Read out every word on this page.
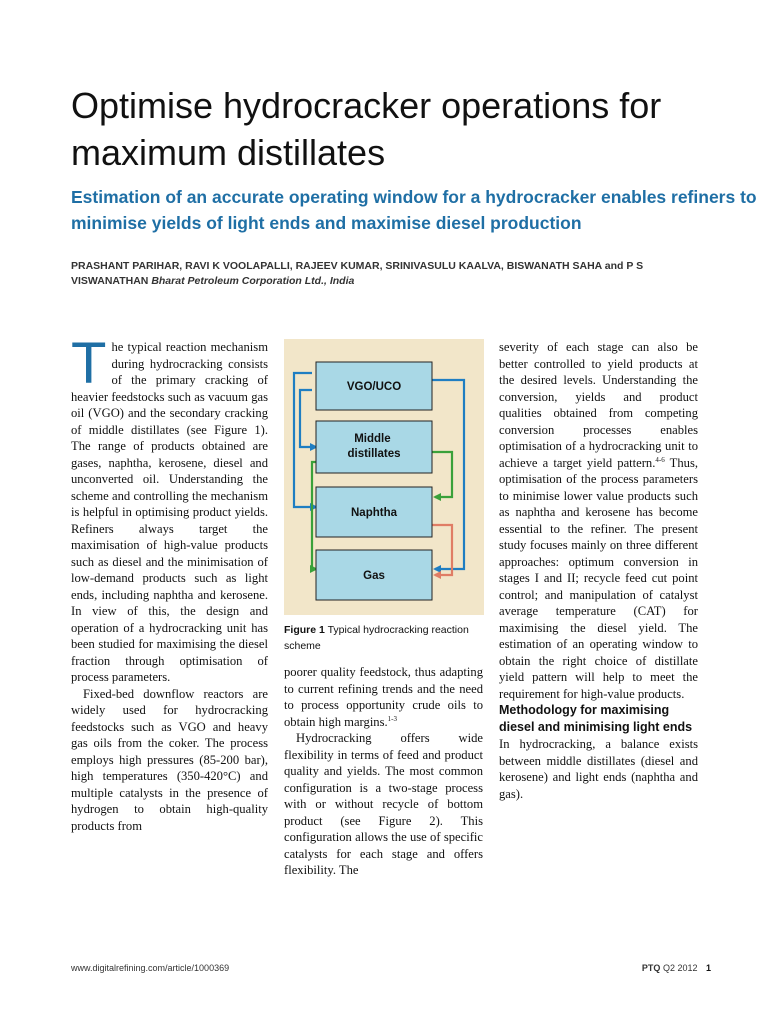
Optimise hydrocracker operations for maximum distillates
Estimation of an accurate operating window for a hydrocracker enables refiners to minimise yields of light ends and maximise diesel production
PRASHANT PARIHAR, RAVI K VOOLAPALLI, RAJEEV KUMAR, SRINIVASULU KAALVA, BISWANATH SAHA and P S VISWANATHAN Bharat Petroleum Corporation Ltd., India

The typical reaction mechanism during hydrocracking consists of the primary cracking of heavier feedstocks such as vacuum gas oil (VGO) and the secondary cracking of middle distillates (see Figure 1). The range of products obtained are gases, naphtha, kerosene, diesel and unconverted oil. Understanding the scheme and controlling the mechanism is helpful in optimising product yields. Refiners always target the maximisation of high-value products such as diesel and the minimisation of low-demand products such as light ends, including naphtha and kerosene. In view of this, the design and operation of a hydrocracking unit has been studied for maximising the diesel fraction through optimisation of process parameters.

Fixed-bed downflow reactors are widely used for hydrocracking feedstocks such as VGO and heavy gas oils from the coker. The process employs high pressures (85-200 bar), high temperatures (350-420°C) and multiple catalysts in the presence of hydrogen to obtain high-quality products from

VGO/UCO
Middle distillates
Naphtha
Gas
Figure 1 Typical hydrocracking reaction scheme

poorer quality feedstock, thus adapting to current refining trends and the need to process opportunity crude oils to obtain high margins.$^{1-3}$

Hydrocracking offers wide flexibility in terms of feed and product quality and yields. The most common configuration is a two-stage process with or without recycle of bottom product (see Figure 2). This configuration allows the use of specific catalysts for each stage and offers flexibility. The

severity of each stage can also be better controlled to yield products at the desired levels. Understanding the conversion, yields and product qualities obtained from competing conversion processes enables optimisation of a hydrocracking unit to achieve a target yield pattern.$^{4-6}$ Thus, optimisation of the process parameters to minimise lower value products such as naphtha and kerosene has become essential to the refiner. The present study focuses mainly on three different approaches: optimum conversion in stages I and II; recycle feed cut point control; and manipulation of catalyst average temperature (CAT) for maximising the diesel yield. The estimation of an operating window to obtain the right choice of distillate yield pattern will help to meet the requirement for high-value products.

Methodology for maximising diesel and minimising light ends

In hydrocracking, a balance exists between middle distillates (diesel and kerosene) and light ends (naphtha and gas).

www.digitalrefining.com/article/1000369	PTQ Q2 2012 1
